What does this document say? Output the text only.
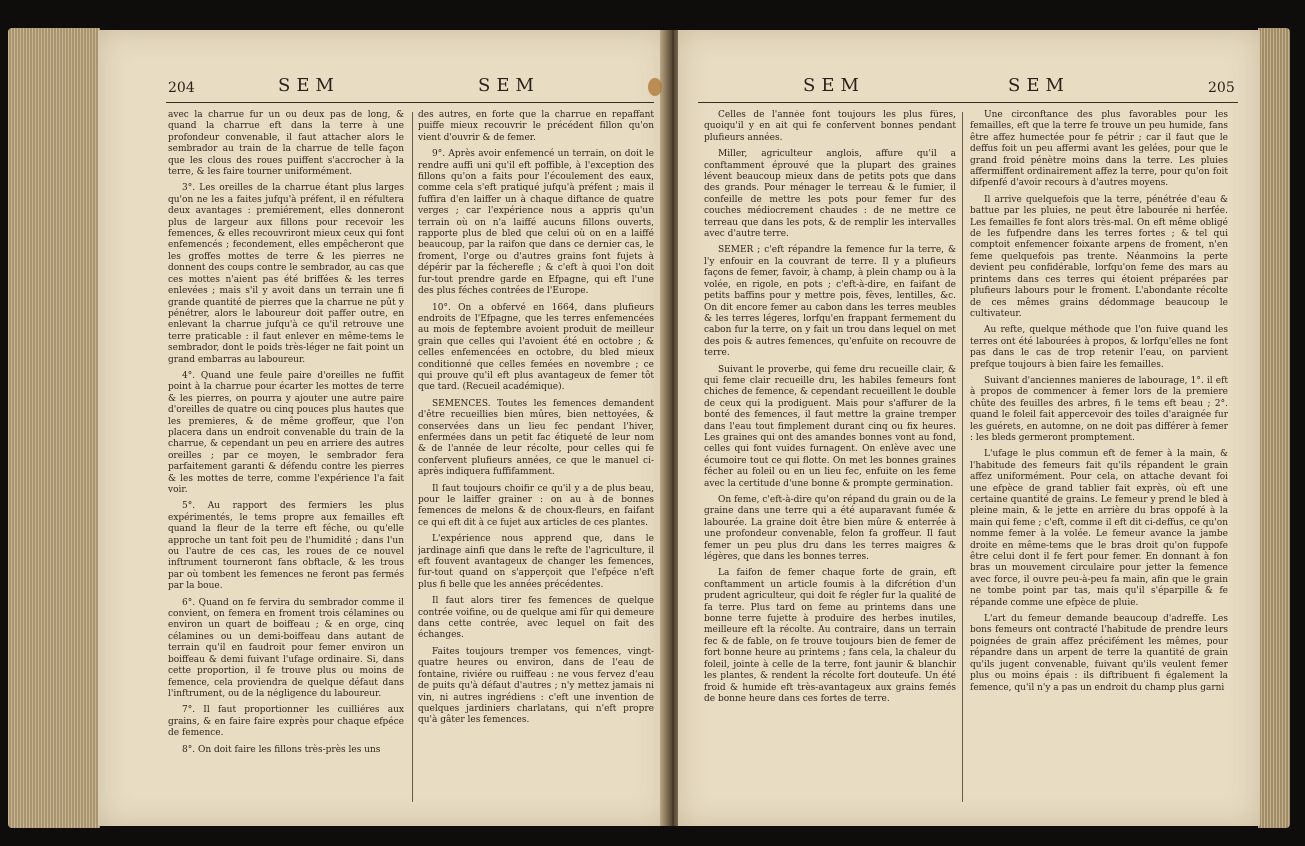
204	SEM	SEM

avec la charrue fur un ou deux pas de long, & quand la charrue eft dans la terre à une profondeur convenable, il faut attacher alors le sembrador au train de la charrue de telle façon que les clous des roues puiffent s'accrocher à la terre, & les faire tourner uniformément.

3°. Les oreilles de la charrue étant plus larges qu'on ne les a faites jufqu'à préfent, il en réfultera deux avantages : premiérement, elles donneront plus de largeur aux fillons pour recevoir les femences, & elles recouvriront mieux ceux qui font enfemencés ; fecondement, elles empêcheront que les groffes mottes de terre & les pierres ne donnent des coups contre le sembrador, au cas que ces mottes n'aient pas été briffées & les terres enlevées ; mais s'il y avoit dans un terrain une fi grande quantité de pierres que la charrue ne pût y pénétrer, alors le laboureur doit paffer outre, en enlevant la charrue jufqu'à ce qu'il retrouve une terre praticable : il faut enlever en même-tems le sembrador, dont le poids très-léger ne fait point un grand embarras au laboureur.

4°. Quand une feule paire d'oreilles ne fuffit point à la charrue pour écarter les mottes de terre & les pierres, on pourra y ajouter une autre paire d'oreilles de quatre ou cinq pouces plus hautes que les premieres, & de même groffeur, que l'on placera dans un endroit convenable du train de la charrue, & cependant un peu en arriere des autres oreilles ; par ce moyen, le sembrador fera parfaitement garanti & défendu contre les pierres & les mottes de terre, comme l'expérience l'a fait voir.

5°. Au rapport des fermiers les plus expérimentés, le tems propre aux femailles eft quand la fleur de la terre eft féche, ou qu'elle approche un tant foit peu de l'humidité ; dans l'un ou l'autre de ces cas, les roues de ce nouvel inftrument tourneront fans obftacle, & les trous par où tombent les femences ne feront pas fermés par la boue.

6°. Quand on fe fervira du sembrador comme il convient, on femera en froment trois célamines ou environ un quart de boiffeau ; & en orge, cinq célamines ou un demi-boiffeau dans autant de terrain qu'il en faudroit pour femer environ un boiffeau & demi fuivant l'ufage ordinaire. Si, dans cette proportion, il fe trouve plus ou moins de femence, cela proviendra de quelque défaut dans l'inftrument, ou de la négligence du laboureur.

7°. Il faut proportionner les cuilliéres aux grains, & en faire faire exprès pour chaque efpéce de femence.

8°. On doit faire les fillons très-près les uns

des autres, en forte que la charrue en repaffant puiffe mieux recouvrir le précédent fillon qu'on vient d'ouvrir & de femer.

9°. Après avoir enfemencé un terrain, on doit le rendre auffi uni qu'il eft poffible, à l'exception des fillons qu'on a faits pour l'écoulement des eaux, comme cela s'eft pratiqué jufqu'à préfent ; mais il fuffira d'en laiffer un à chaque diftance de quatre verges ; car l'expérience nous a appris qu'un terrain où on n'a laiffé aucuns fillons ouverts, rapporte plus de bled que celui où on en a laiffé beaucoup, par la raifon que dans ce dernier cas, le froment, l'orge ou d'autres grains font fujets à dépérir par la fécherefle ; & c'eft à quoi l'on doit fur-tout prendre garde en Efpagne, qui eft l'une des plus féches contrées de l'Europe.

10°. On a obfervé en 1664, dans plufieurs endroits de l'Efpagne, que les terres enfemencées au mois de feptembre avoient produit de meilleur grain que celles qui l'avoient été en octobre ; & celles enfemencées en octobre, du bled mieux conditionné que celles femées en novembre ; ce qui prouve qu'il eft plus avantageux de femer tôt que tard. (Recueil académique).

SEMENCES. Toutes les femences demandent d'être recueillies bien mûres, bien nettoyées, & conservées dans un lieu fec pendant l'hiver, enfermées dans un petit fac étiqueté de leur nom & de l'année de leur récolte, pour celles qui fe confervent plufieurs années, ce que le manuel ci-après indiquera fuffifamment.

Il faut toujours choifir ce qu'il y a de plus beau, pour le laiffer grainer : on au à de bonnes femences de melons & de choux-fleurs, en faifant ce qui eft dit à ce fujet aux articles de ces plantes.

L'expérience nous apprend que, dans le jardinage ainfi que dans le refte de l'agriculture, il eft fouvent avantageux de changer les femences, fur-tout quand on s'apperçoit que l'efpéce n'eft plus fi belle que les années précédentes.

Il faut alors tirer fes femences de quelque contrée voifine, ou de quelque ami fûr qui demeure dans cette contrée, avec lequel on fait des échanges.

Faites toujours tremper vos femences, vingt-quatre heures ou environ, dans de l'eau de fontaine, riviére ou ruiffeau : ne vous fervez d'eau de puits qu'à défaut d'autres ; n'y mettez jamais ni vin, ni autres ingrédiens : c'eft une invention de quelques jardiniers charlatans, qui n'eft propre qu'à gâter les femences.

SEM	SEM	205

Celles de l'année font toujours les plus fûres, quoiqu'il y en ait qui fe confervent bonnes pendant plufieurs années.

Miller, agriculteur anglois, affure qu'il a conftamment éprouvé que la plupart des graines lévent beaucoup mieux dans de petits pots que dans des grands. Pour ménager le terreau & le fumier, il confeille de mettre les pots pour femer fur des couches médiocrement chaudes : de ne mettre ce terreau que dans les pots, & de remplir les intervalles avec d'autre terre.

SEMER ; c'eft répandre la femence fur la terre, & l'y enfouir en la couvrant de terre. Il y a plufieurs façons de femer, favoir, à champ, à plein champ ou à la volée, en rigole, en pots ; c'eft-à-dire, en faifant de petits baffins pour y mettre pois, fèves, lentilles, &c. On dit encore femer au cabon dans les terres meubles & les terres légeres, lorfqu'en frappant fermement du cabon fur la terre, on y fait un trou dans lequel on met des pois & autres femences, qu'enfuite on recouvre de terre.

Suivant le proverbe, qui feme dru recueille clair, & qui feme clair recueille dru, les habiles femeurs font chiches de femence, & cependant recueillent le double de ceux qui la prodiguent. Mais pour s'affurer de la bonté des femences, il faut mettre la graine tremper dans l'eau tout fimplement durant cinq ou fix heures. Les graines qui ont des amandes bonnes vont au fond, celles qui font vuides furnagent. On enlève avec une écumoire tout ce qui flotte. On met les bonnes graines fécher au foleil ou en un lieu fec, enfuite on les feme avec la certitude d'une bonne & prompte germination.

On feme, c'eft-à-dire qu'on répand du grain ou de la graine dans une terre qui a été auparavant fumée & labourée. La graine doit être bien mûre & enterrée à une profondeur convenable, felon fa groffeur. Il faut femer un peu plus dru dans les terres maigres & légères, que dans les bonnes terres.

La faifon de femer chaque forte de grain, eft conftamment un article foumis à la difcrétion d'un prudent agriculteur, qui doit fe régler fur la qualité de fa terre. Plus tard on feme au printems dans une bonne terre fujette à produire des herbes inutiles, meilleure eft la récolte. Au contraire, dans un terrain fec & de fable, on fe trouve toujours bien de femer de fort bonne heure au printems ; fans cela, la chaleur du foleil, jointe à celle de la terre, font jaunir & blanchir les plantes, & rendent la récolte fort douteufe. Un été froid & humide eft très-avantageux aux grains femés de bonne heure dans ces fortes de terre.

Une circonftance des plus favorables pour les femailles, eft que la terre fe trouve un peu humide, fans être affez humectée pour fe pétrir ; car il faut que le deffus foit un peu affermi avant les gelées, pour que le grand froid pénètre moins dans la terre. Les pluies affermiffent ordinairement affez la terre, pour qu'on foit difpenfé d'avoir recours à d'autres moyens.

Il arrive quelquefois que la terre, pénétrée d'eau & battue par les pluies, ne peut être labourée ni herfée. Les femailles fe font alors très-mal. On eft même obligé de les fufpendre dans les terres fortes ; & tel qui comptoit enfemencer foixante arpens de froment, n'en feme quelquefois pas trente. Néanmoins la perte devient peu confidérable, lorfqu'on feme des mars au printems dans ces terres qui étoient préparées par plufieurs labours pour le froment. L'abondante récolte de ces mêmes grains dédommage beaucoup le cultivateur.

Au refte, quelque méthode que l'on fuive quand les terres ont été labourées à propos, & lorfqu'elles ne font pas dans le cas de trop retenir l'eau, on parvient prefque toujours à bien faire les femailles.

Suivant d'anciennes manieres de labourage, 1°. il eft à propos de commencer à femer lors de la premiere chûte des feuilles des arbres, fi le tems eft beau ; 2°. quand le foleil fait appercevoir des toiles d'araignée fur les guérets, en automne, on ne doit pas différer à femer : les bleds germeront promptement.

L'ufage le plus commun eft de femer à la main, & l'habitude des femeurs fait qu'ils répandent le grain affez uniformément. Pour cela, on attache devant foi une efpèce de grand tablier fait exprès, où eft une certaine quantité de grains. Le femeur y prend le bled à pleine main, & le jette en arrière du bras oppofé à la main qui feme ; c'eft, comme il eft dit ci-deffus, ce qu'on nomme femer à la volée. Le femeur avance la jambe droite en même-tems que le bras droit qu'on fuppofe être celui dont il fe fert pour femer. En donnant à fon bras un mouvement circulaire pour jetter la femence avec force, il ouvre peu-à-peu fa main, afin que le grain ne tombe point par tas, mais qu'il s'éparpille & fe répande comme une efpèce de pluie.

L'art du femeur demande beaucoup d'adreffe. Les bons femeurs ont contracté l'habitude de prendre leurs poignées de grain affez précifément les mêmes, pour répandre dans un arpent de terre la quantité de grain qu'ils jugent convenable, fuivant qu'ils veulent femer plus ou moins épais : ils diftribuent fi également la femence, qu'il n'y a pas un endroit du champ plus garni
